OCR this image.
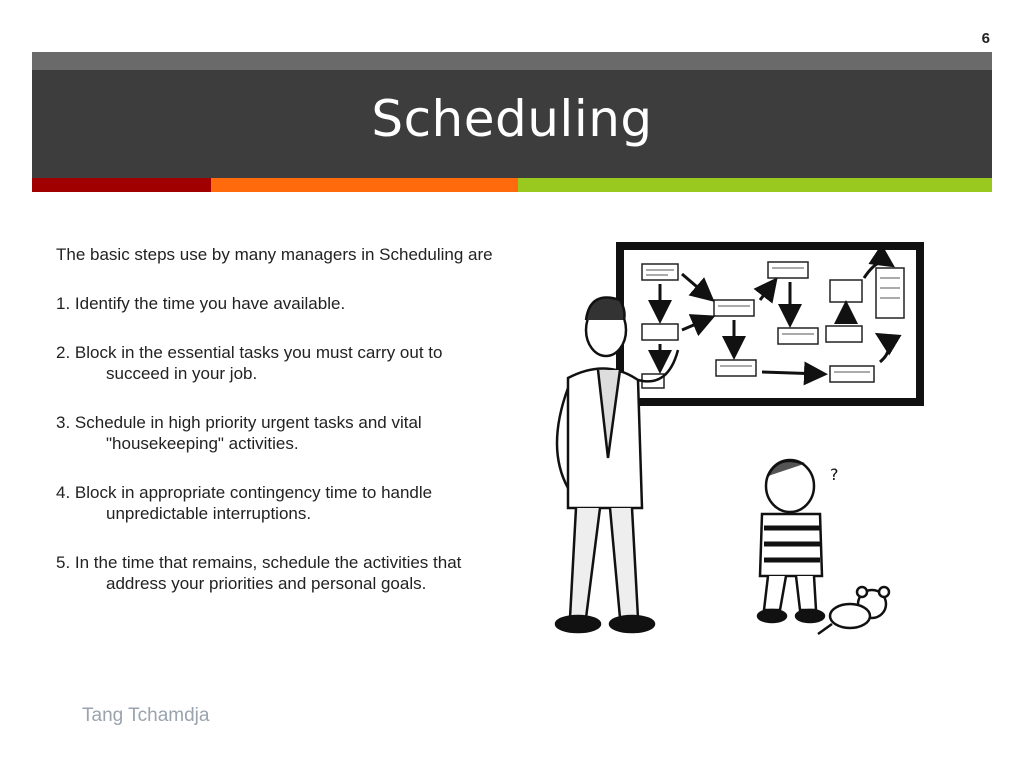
6
Scheduling

The basic steps use by many managers in Scheduling are

1. Identify the time you have available.

2. Block in the essential tasks you must carry out to succeed in your job.

3. Schedule in high priority urgent tasks and vital "housekeeping" activities.

4. Block in appropriate contingency time to handle unpredictable interruptions.

5. In the time that remains, schedule the activities that address your priorities and personal goals.

?
Tang Tchamdja
